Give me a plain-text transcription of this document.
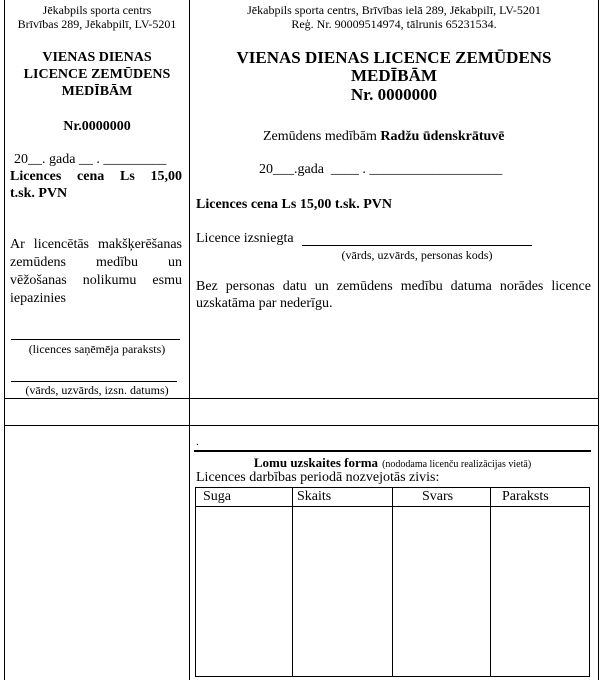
Jēkabpils sporta centrs
Brīvības 289, Jēkabpilī, LV-5201
VIENAS DIENAS
LICENCE ZEMŪDENS
MEDĪBĀM
Nr.0000000
20__. gada __ . _________
Licences cena Ls 15,00
t.sk. PVN
Ar licencētās makšķerēšanas
zemūdens medību un
vēžošanas nolikumu esmu
iepazinies
(licences saņēmēja paraksts)
(vārds, uzvārds, izsn. datums)
Jēkabpils sporta centrs, Brīvības ielā 289, Jēkabpilī, LV-5201
Reģ. Nr. 90009514974, tālrunis 65231534.
VIENAS DIENAS LICENCE ZEMŪDENS
MEDĪBĀM
Nr. 0000000
Zemūdens medībām Radžu ūdenskrātuvē
20___.gada  ____ . ___________________
Licences cena Ls 15,00 t.sk. PVN
Licence izsniegta
(vārds, uzvārds, personas kods)
Bez personas datu un zemūdens medību datuma norādes licence
uzskatāma par nederīgu.
.
Lomu uzskaites forma (nododama licenču realizācijas vietā)
Licences darbības periodā nozvejotās zivis:
Suga	Skaits	Svars	Paraksts
